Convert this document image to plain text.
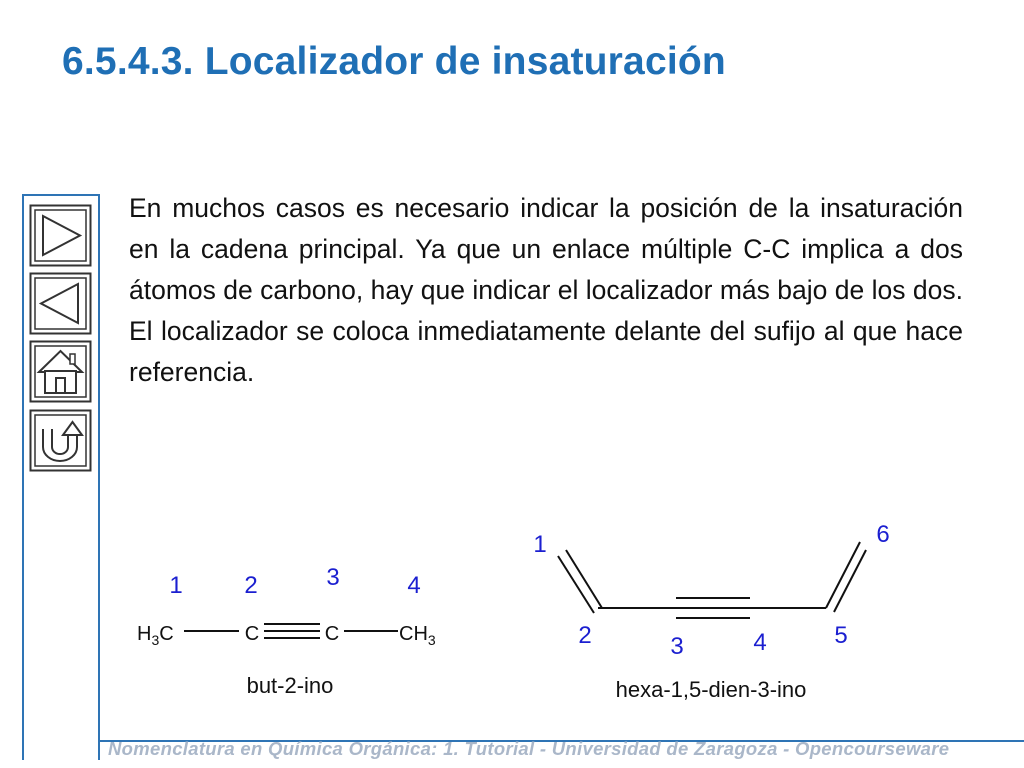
6.5.4.3. Localizador de insaturación

En muchos casos es necesario indicar la posición de la insaturación en la cadena principal. Ya que un enlace múltiple C-C implica a dos átomos de carbono, hay que indicar el localizador más bajo de los dos. El localizador se coloca inmediatamente delante del sufijo al que hace referencia.

1	2	3	4
$H_3C$	C	C	$CH_3$
but-2-ino
1
2	3	4	5
6
hexa-1,5-dien-3-ino

Nomenclatura en Química Orgánica: 1. Tutorial - Universidad de Zaragoza - Opencourseware
